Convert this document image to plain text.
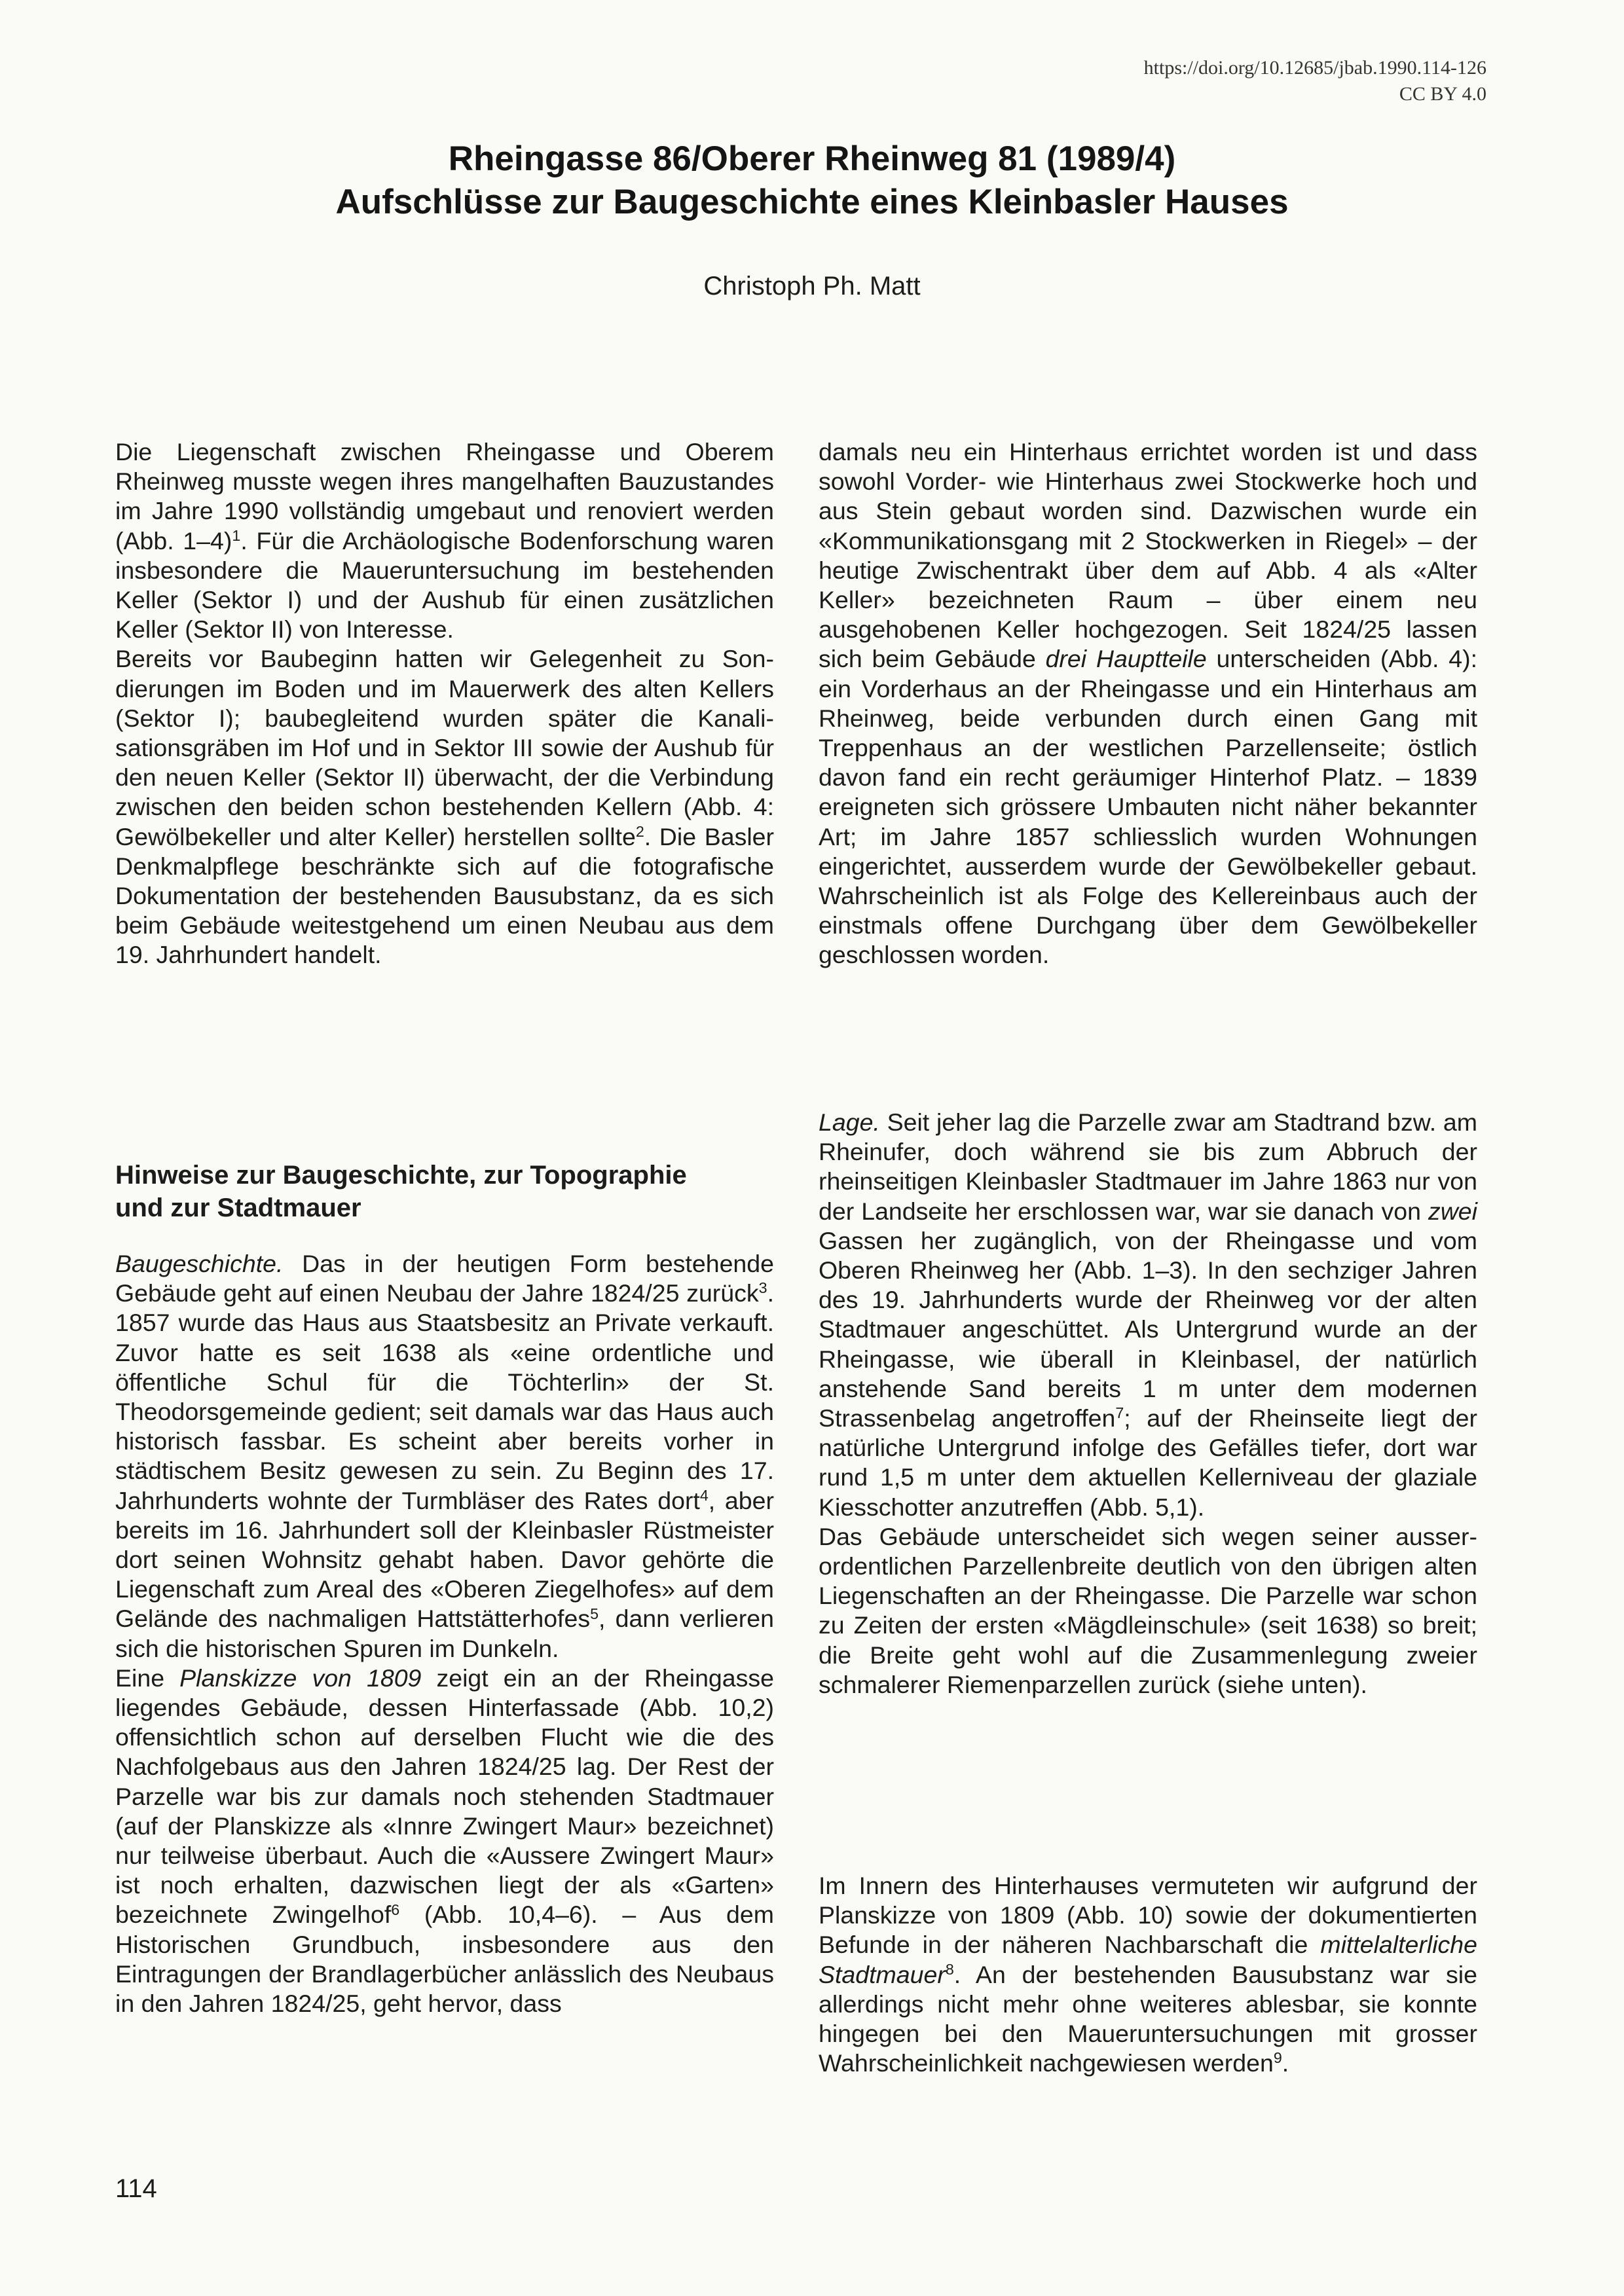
https://doi.org/10.12685/jbab.1990.114-126
CC BY 4.0
Rheingasse 86/Oberer Rheinweg 81 (1989/4)
Aufschlüsse zur Baugeschichte eines Kleinbasler Hauses
Christoph Ph. Matt

Die Liegenschaft zwischen Rheingasse und Oberem Rheinweg musste wegen ihres mangelhaften Bauzustandes im Jahre 1990 vollständig umgebaut und renoviert werden (Abb. 1–4)$^1$. Für die Archäologische Bodenforschung waren insbesondere die Maueruntersuchung im bestehenden Keller (Sektor I) und der Aushub für einen zusätzlichen Keller (Sektor II) von Interesse.

Bereits vor Baubeginn hatten wir Gelegenheit zu Sondierungen im Boden und im Mauerwerk des alten Kellers (Sektor I); baubegleitend wurden später die Kanalisationsgräben im Hof und in Sektor III sowie der Aushub für den neuen Keller (Sektor II) überwacht, der die Verbindung zwischen den beiden schon bestehenden Kellern (Abb. 4: Gewölbekeller und alter Keller) herstellen sollte$^2$. Die Basler Denkmalpflege beschränkte sich auf die fotografische Dokumentation der bestehenden Bausubstanz, da es sich beim Gebäude weitestgehend um einen Neubau aus dem 19. Jahrhundert handelt.

Hinweise zur Baugeschichte, zur Topographie
und zur Stadtmauer

Baugeschichte. Das in der heutigen Form bestehende Gebäude geht auf einen Neubau der Jahre 1824/25 zurück$^3$. 1857 wurde das Haus aus Staatsbesitz an Private verkauft. Zuvor hatte es seit 1638 als «eine ordentliche und öffentliche Schul für die Töchterlin» der St. Theodorsgemeinde gedient; seit damals war das Haus auch historisch fassbar. Es scheint aber bereits vorher in städtischem Besitz gewesen zu sein. Zu Beginn des 17. Jahrhunderts wohnte der Turmbläser des Rates dort$^4$, aber bereits im 16. Jahrhundert soll der Kleinbasler Rüstmeister dort seinen Wohnsitz gehabt haben. Davor gehörte die Liegenschaft zum Areal des «Oberen Ziegelhofes» auf dem Gelände des nachmaligen Hattstätterhofes$^5$, dann verlieren sich die historischen Spuren im Dunkeln.

Eine Planskizze von 1809 zeigt ein an der Rheingasse liegendes Gebäude, dessen Hinterfassade (Abb. 10,2) offensichtlich schon auf derselben Flucht wie die des Nachfolgebaus aus den Jahren 1824/25 lag. Der Rest der Parzelle war bis zur damals noch stehenden Stadtmauer (auf der Planskizze als «Innre Zwingert Maur» bezeichnet) nur teilweise überbaut. Auch die «Aussere Zwingert Maur» ist noch erhalten, dazwischen liegt der als «Garten» bezeichnete Zwingelhof$^6$ (Abb. 10,4–6). – Aus dem Historischen Grundbuch, insbesondere aus den Eintragungen der Brandlagerbücher anlässlich des Neubaus in den Jahren 1824/25, geht hervor, dass

damals neu ein Hinterhaus errichtet worden ist und dass sowohl Vorder- wie Hinterhaus zwei Stockwerke hoch und aus Stein gebaut worden sind. Dazwischen wurde ein «Kommunikationsgang mit 2 Stockwerken in Riegel» – der heutige Zwischentrakt über dem auf Abb. 4 als «Alter Keller» bezeichneten Raum – über einem neu ausgehobenen Keller hochgezogen. Seit 1824/25 lassen sich beim Gebäude drei Hauptteile unterscheiden (Abb. 4): ein Vorderhaus an der Rheingasse und ein Hinterhaus am Rheinweg, beide verbunden durch einen Gang mit Treppenhaus an der westlichen Parzellenseite; östlich davon fand ein recht geräumiger Hinterhof Platz. – 1839 ereigneten sich grössere Umbauten nicht näher bekannter Art; im Jahre 1857 schliesslich wurden Wohnungen eingerichtet, ausserdem wurde der Gewölbekeller gebaut. Wahrscheinlich ist als Folge des Kellereinbaus auch der einstmals offene Durchgang über dem Gewölbekeller geschlossen worden.

Lage. Seit jeher lag die Parzelle zwar am Stadtrand bzw. am Rheinufer, doch während sie bis zum Abbruch der rheinseitigen Kleinbasler Stadtmauer im Jahre 1863 nur von der Landseite her erschlossen war, war sie danach von zwei Gassen her zugänglich, von der Rheingasse und vom Oberen Rheinweg her (Abb. 1–3). In den sechziger Jahren des 19. Jahrhunderts wurde der Rheinweg vor der alten Stadtmauer angeschüttet. Als Untergrund wurde an der Rheingasse, wie überall in Kleinbasel, der natürlich anstehende Sand bereits 1 m unter dem modernen Strassenbelag angetroffen$^7$; auf der Rheinseite liegt der natürliche Untergrund infolge des Gefälles tiefer, dort war rund 1,5 m unter dem aktuellen Kellerniveau der glaziale Kiesschotter anzutreffen (Abb. 5,1).

Das Gebäude unterscheidet sich wegen seiner ausserordentlichen Parzellenbreite deutlich von den übrigen alten Liegenschaften an der Rheingasse. Die Parzelle war schon zu Zeiten der ersten «Mägdleinschule» (seit 1638) so breit; die Breite geht wohl auf die Zusammenlegung zweier schmalerer Riemenparzellen zurück (siehe unten).

Im Innern des Hinterhauses vermuteten wir aufgrund der Planskizze von 1809 (Abb. 10) sowie der dokumentierten Befunde in der näheren Nachbarschaft die mittelalterliche Stadtmauer$^8$. An der bestehenden Bausubstanz war sie allerdings nicht mehr ohne weiteres ablesbar, sie konnte hingegen bei den Maueruntersuchungen mit grosser Wahrscheinlichkeit nachgewiesen werden$^9$.

114
